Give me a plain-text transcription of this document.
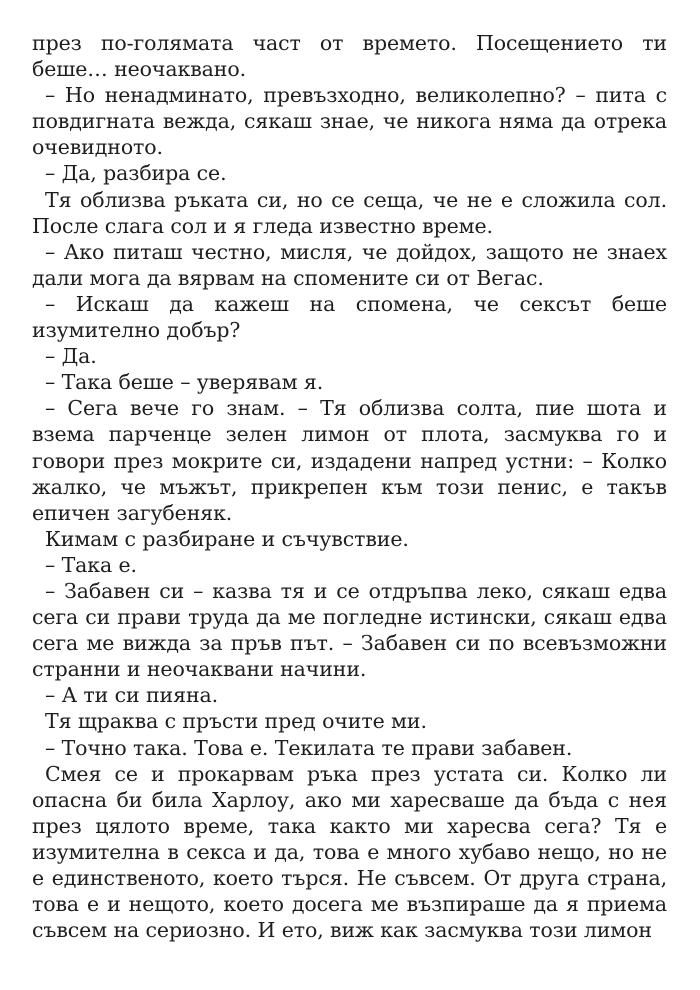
през по-голямата част от времето. Посещението ти беше… неочаквано.

– Но ненадминато, превъзходно, великолепно? – пита с повдигната вежда, сякаш знае, че никога няма да отрека очевидното.

– Да, разбира се.

Тя облизва ръката си, но се сеща, че не е сложила сол. После слага сол и я гледа известно време.

– Ако питаш честно, мисля, че дойдох, защото не знаех дали мога да вярвам на спомените си от Вегас.

– Искаш да кажеш на спомена, че сексът беше изумително добър?

– Да.

– Така беше – уверявам я.

– Сега вече го знам. – Тя облизва солта, пие шота и взема парченце зелен лимон от плота, засмуква го и говори през мокрите си, издадени напред устни: – Колко жалко, че мъжът, прикрепен към този пенис, е такъв епичен загубеняк.

Кимам с разбиране и съчувствие.

– Така е.

– Забавен си – казва тя и се отдръпва леко, сякаш едва сега си прави труда да ме погледне истински, сякаш едва сега ме вижда за пръв път. – Забавен си по всевъзможни странни и неочаквани начини.

– А ти си пияна.

Тя щраква с пръсти пред очите ми.

– Точно така. Това е. Текилата те прави забавен.

Смея се и прокарвам ръка през устата си. Колко ли опасна би била Харлоу, ако ми харесваше да бъда с нея през цялото време, така както ми харесва сега? Тя е изумителна в секса и да, това е много хубаво нещо, но не е единственото, което търся. Не съвсем. От друга страна, това е и нещото, което досега ме възпираше да я приема съвсем на сериозно. И ето, виж как засмуква този лимон
